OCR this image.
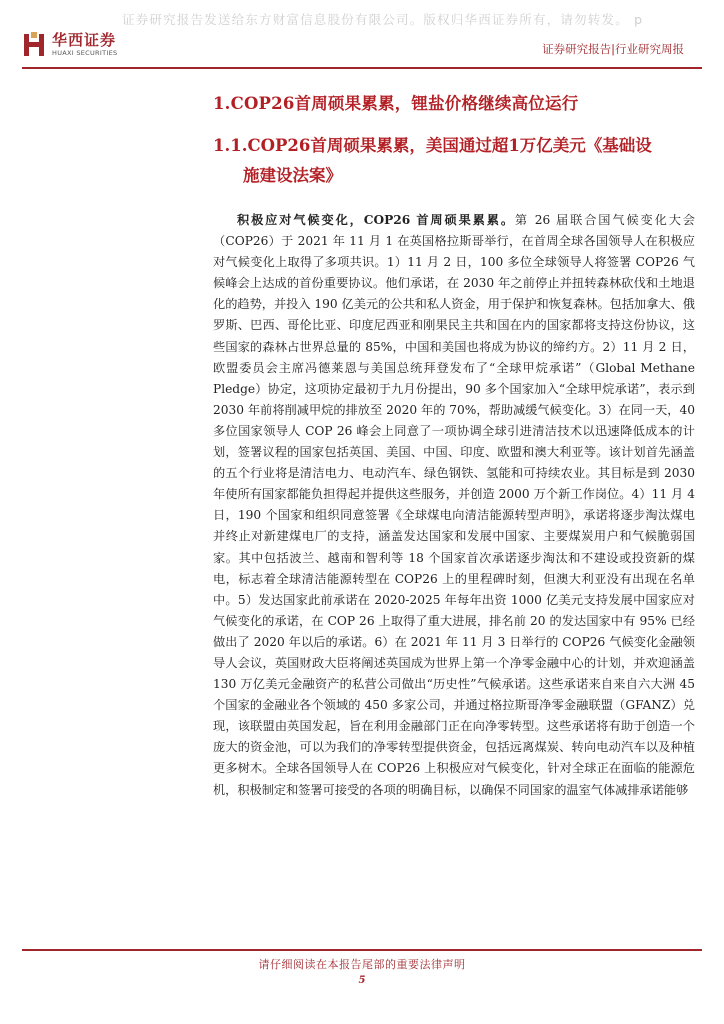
证券研究报告发送给东方财富信息股份有限公司。版权归华西证券所有，请勿转发。 p
华西证券
HUAXI SECURITIES	证券研究报告|行业研究周报
1.COP26首周硕果累累，锂盐价格继续高位运行
1.1.COP26首周硕果累累，美国通过超1万亿美元《基础设
施建设法案》
积极应对气候变化，COP26 首周硕果累累。第 26 届联合国气候变化大会（COP26）于 2021 年 11 月 1 在英国格拉斯哥举行，在首周全球各国领导人在积极应对气候变化上取得了多项共识。1）11 月 2 日，100 多位全球领导人将签署 COP26 气候峰会上达成的首份重要协议。他们承诺，在 2030 年之前停止并扭转森林砍伐和土地退化的趋势，并投入 190 亿美元的公共和私人资金，用于保护和恢复森林。包括加拿大、俄罗斯、巴西、哥伦比亚、印度尼西亚和刚果民主共和国在内的国家都将支持这份协议，这些国家的森林占世界总量的 85%，中国和美国也将成为协议的缔约方。2）11 月 2 日，欧盟委员会主席冯德莱恩与美国总统拜登发布了“全球甲烷承诺”（Global Methane Pledge）协定，这项协定最初于九月份提出，90 多个国家加入“全球甲烷承诺”，表示到 2030 年前将削减甲烷的排放至 2020 年的 70%，帮助减缓气候变化。3）在同一天，40 多位国家领导人 COP 26 峰会上同意了一项协调全球引进清洁技术以迅速降低成本的计划，签署议程的国家包括英国、美国、中国、印度、欧盟和澳大利亚等。该计划首先涵盖的五个行业将是清洁电力、电动汽车、绿色钢铁、氢能和可持续农业。其目标是到 2030 年使所有国家都能负担得起并提供这些服务，并创造 2000 万个新工作岗位。4）11 月 4 日，190 个国家和组织同意签署《全球煤电向清洁能源转型声明》，承诺将逐步淘汰煤电并终止对新建煤电厂的支持，涵盖发达国家和发展中国家、主要煤炭用户和气候脆弱国家。其中包括波兰、越南和智利等 18 个国家首次承诺逐步淘汰和不建设或投资新的煤电，标志着全球清洁能源转型在 COP26 上的里程碑时刻，但澳大利亚没有出现在名单中。5）发达国家此前承诺在 2020-2025 年每年出资 1000 亿美元支持发展中国家应对气候变化的承诺，在 COP 26 上取得了重大进展，排名前 20 的发达国家中有 95% 已经做出了 2020 年以后的承诺。6）在 2021 年 11 月 3 日举行的 COP26 气候变化金融领导人会议，英国财政大臣将阐述英国成为世界上第一个净零金融中心的计划，并欢迎涵盖 130 万亿美元金融资产的私营公司做出“历史性”气候承诺。这些承诺来自来自六大洲 45 个国家的金融业各个领域的 450 多家公司，并通过格拉斯哥净零金融联盟（GFANZ）兑现，该联盟由英国发起，旨在利用金融部门正在向净零转型。这些承诺将有助于创造一个庞大的资金池，可以为我们的净零转型提供资金，包括远离煤炭、转向电动汽车以及种植更多树木。全球各国领导人在 COP26 上积极应对气候变化，针对全球正在面临的能源危机，积极制定和签署可接受的各项的明确目标，以确保不同国家的温室气体减排承诺能够
请仔细阅读在本报告尾部的重要法律声明
5
